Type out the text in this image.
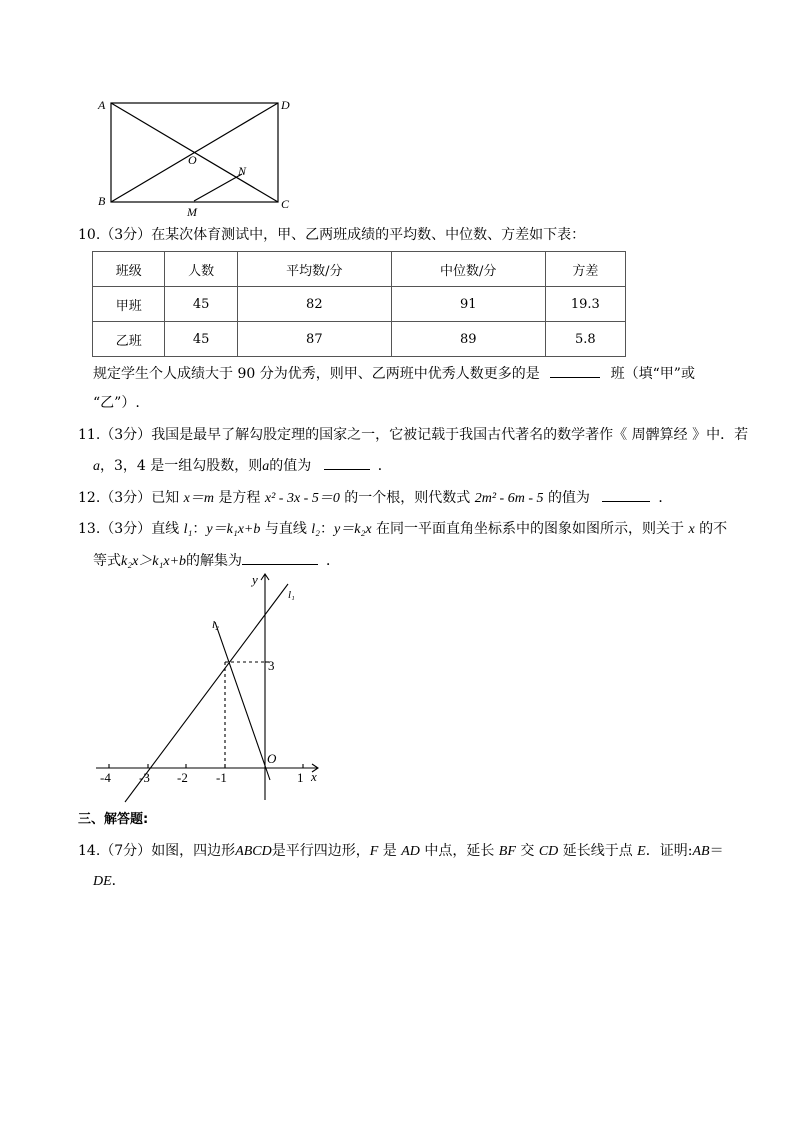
A	D
B	C
O
N
M
10.（3分）在某次体育测试中，甲、乙两班成绩的平均数、中位数、方差如下表：
班级	人数	平均数/分	中位数/分	方差
甲班	45	82	91	19.3
乙班	45	87	89	5.8
规定学生个人成绩大于 90 分为优秀，则甲、乙两班中优秀人数更多的是	班（填“甲”或
“乙”）.
11.（3分）我国是最早了解勾股定理的国家之一，它被记载于我国古代著名的数学著作《 周髀算经 》中．若
a，3，4 是一组勾股数，则a的值为	．
12.（3分）已知 x＝m 是方程 x² - 3x - 5＝0 的一个根，则代数式 2m² - 6m - 5 的值为	．
13.（3分）直线 l₁：y＝k₁x+b 与直线 l₂：y＝k₂x 在同一平面直角坐标系中的图象如图所示，则关于 x 的不
等式k₂x＞k₁x+b的解集为	．
y
x
O
l₁
l₂
3
-4 -3 -2 -1	1
三、解答题:
14.（7分）如图，四边形ABCD是平行四边形，F 是 AD 中点，延长 BF 交 CD 延长线于点 E．证明:AB＝
DE．
